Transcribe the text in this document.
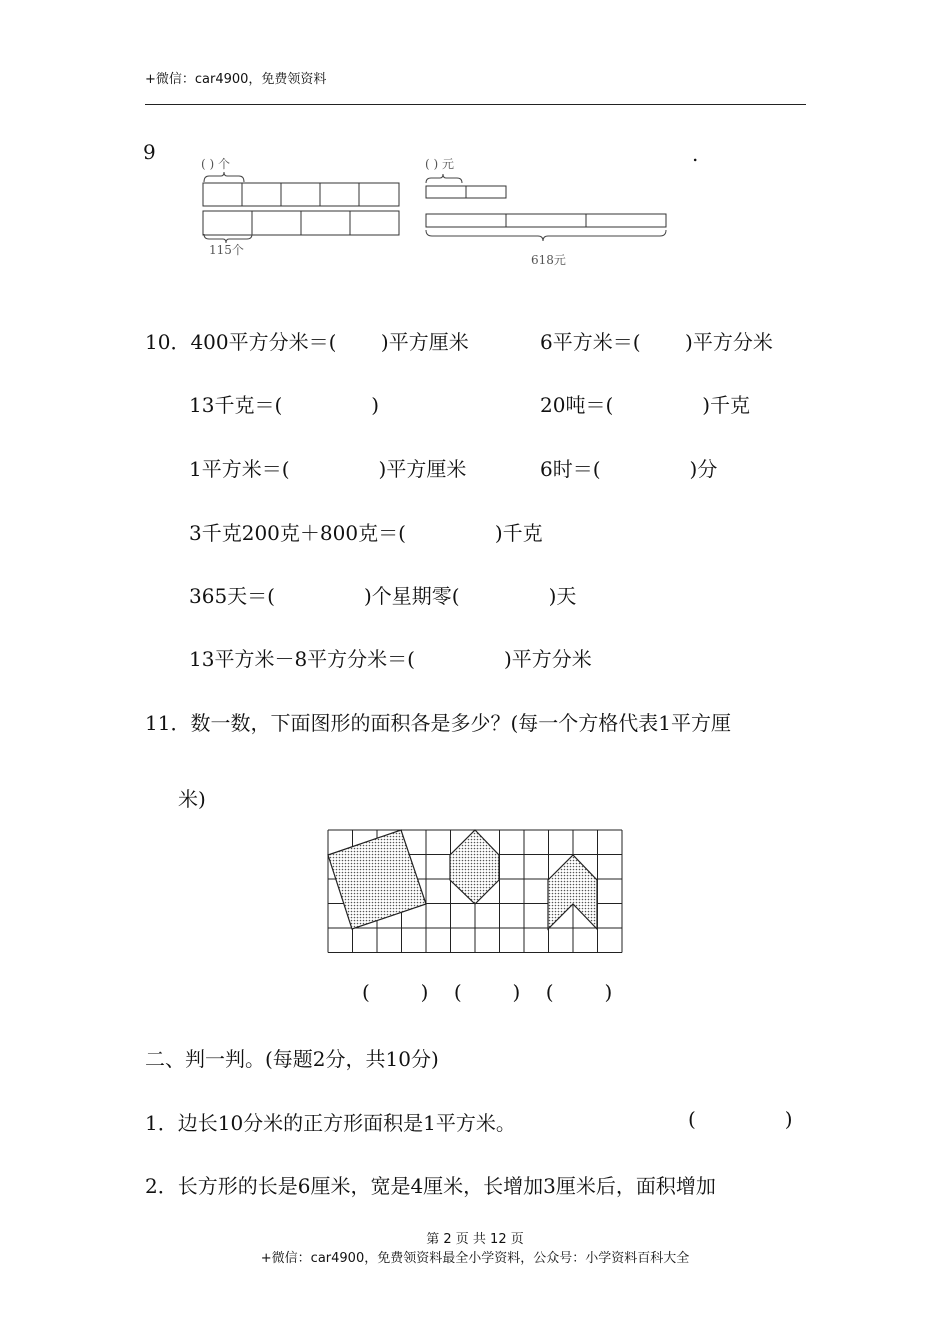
+微信：car4900，免费领资料
9	.
( ) 个
115个
( ) 元
618元
10．400平方分米＝(       )平方厘米	6平方米＝(       )平方分米
13千克＝(              )	20吨＝(              )千克
1平方米＝(              )平方厘米	6时＝(              )分
3千克200克＋800克＝(              )千克
365天＝(              )个星期零(              )天
13平方米－8平方分米＝(              )平方分米
11．数一数，下面图形的面积各是多少？(每一个方格代表1平方厘
米)
(        )    (        )    (        )
二、判一判。(每题2分，共10分)
1．边长10分米的正方形面积是1平方米。	(              )
2．长方形的长是6厘米，宽是4厘米，长增加3厘米后，面积增加
第 2 页 共 12 页
+微信：car4900，免费领资料最全小学资料，公众号：小学资料百科大全
